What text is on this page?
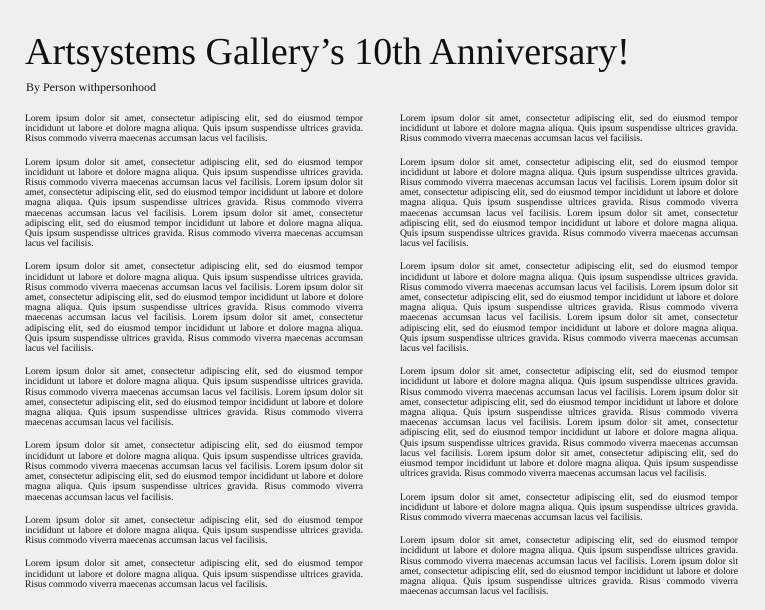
Artsystems Gallery’s 10th Anniversary!
By Person withpersonhood

Lorem ipsum dolor sit amet, consectetur adipiscing elit, sed do eiusmod tempor incididunt ut labore et dolore magna aliqua. Quis ipsum suspendisse ultrices gravida. Risus commodo viverra maecenas accumsan lacus vel facilisis.

Lorem ipsum dolor sit amet, consectetur adipiscing elit, sed do eiusmod tempor incididunt ut labore et dolore magna aliqua. Quis ipsum suspendisse ultrices gravida. Risus commodo viverra maecenas accumsan lacus vel facilisis. Lorem ipsum dolor sit amet, consectetur adipiscing elit, sed do eiusmod tempor incididunt ut labore et dolore magna aliqua. Quis ipsum suspendisse ultrices gravida. Risus commodo viverra maecenas accumsan lacus vel facilisis. Lorem ipsum dolor sit amet, consectetur adipiscing elit, sed do eiusmod tempor incididunt ut labore et dolore magna aliqua. Quis ipsum suspendisse ultrices gravida. Risus commodo viverra maecenas accumsan lacus vel facilisis.

Lorem ipsum dolor sit amet, consectetur adipiscing elit, sed do eiusmod tempor incididunt ut labore et dolore magna aliqua. Quis ipsum suspendisse ultrices gravida. Risus commodo viverra maecenas accumsan lacus vel facilisis. Lorem ipsum dolor sit amet, consectetur adipiscing elit, sed do eiusmod tempor incididunt ut labore et dolore magna aliqua. Quis ipsum suspendisse ultrices gravida. Risus commodo viverra maecenas accumsan lacus vel facilisis. Lorem ipsum dolor sit amet, consectetur adipiscing elit, sed do eiusmod tempor incididunt ut labore et dolore magna aliqua. Quis ipsum suspendisse ultrices gravida. Risus commodo viverra maecenas accumsan lacus vel facilisis.

Lorem ipsum dolor sit amet, consectetur adipiscing elit, sed do eiusmod tempor incididunt ut labore et dolore magna aliqua. Quis ipsum suspendisse ultrices gravida. Risus commodo viverra maecenas accumsan lacus vel facilisis. Lorem ipsum dolor sit amet, consectetur adipiscing elit, sed do eiusmod tempor incididunt ut labore et dolore magna aliqua. Quis ipsum suspendisse ultrices gravida. Risus commodo viverra maecenas accumsan lacus vel facilisis.

Lorem ipsum dolor sit amet, consectetur adipiscing elit, sed do eiusmod tempor incididunt ut labore et dolore magna aliqua. Quis ipsum suspendisse ultrices gravida. Risus commodo viverra maecenas accumsan lacus vel facilisis. Lorem ipsum dolor sit amet, consectetur adipiscing elit, sed do eiusmod tempor incididunt ut labore et dolore magna aliqua. Quis ipsum suspendisse ultrices gravida. Risus commodo viverra maecenas accumsan lacus vel facilisis.

Lorem ipsum dolor sit amet, consectetur adipiscing elit, sed do eiusmod tempor incididunt ut labore et dolore magna aliqua. Quis ipsum suspendisse ultrices gravida. Risus commodo viverra maecenas accumsan lacus vel facilisis.

Lorem ipsum dolor sit amet, consectetur adipiscing elit, sed do eiusmod tempor incididunt ut labore et dolore magna aliqua. Quis ipsum suspendisse ultrices gravida. Risus commodo viverra maecenas accumsan lacus vel facilisis.

Lorem ipsum dolor sit amet, consectetur adipiscing elit, sed do eiusmod tempor incididunt ut labore et dolore magna aliqua. Quis ipsum suspendisse ultrices gravida. Risus commodo viverra maecenas accumsan lacus vel facilisis.

Lorem ipsum dolor sit amet, consectetur adipiscing elit, sed do eiusmod tempor incididunt ut labore et dolore magna aliqua. Quis ipsum suspendisse ultrices gravida. Risus commodo viverra maecenas accumsan lacus vel facilisis. Lorem ipsum dolor sit amet, consectetur adipiscing elit, sed do eiusmod tempor incididunt ut labore et dolore magna aliqua. Quis ipsum suspendisse ultrices gravida. Risus commodo viverra maecenas accumsan lacus vel facilisis. Lorem ipsum dolor sit amet, consectetur adipiscing elit, sed do eiusmod tempor incididunt ut labore et dolore magna aliqua. Quis ipsum suspendisse ultrices gravida. Risus commodo viverra maecenas accumsan lacus vel facilisis.

Lorem ipsum dolor sit amet, consectetur adipiscing elit, sed do eiusmod tempor incididunt ut labore et dolore magna aliqua. Quis ipsum suspendisse ultrices gravida. Risus commodo viverra maecenas accumsan lacus vel facilisis. Lorem ipsum dolor sit amet, consectetur adipiscing elit, sed do eiusmod tempor incididunt ut labore et dolore magna aliqua. Quis ipsum suspendisse ultrices gravida. Risus commodo viverra maecenas accumsan lacus vel facilisis. Lorem ipsum dolor sit amet, consectetur adipiscing elit, sed do eiusmod tempor incididunt ut labore et dolore magna aliqua. Quis ipsum suspendisse ultrices gravida. Risus commodo viverra maecenas accumsan lacus vel facilisis.

Lorem ipsum dolor sit amet, consectetur adipiscing elit, sed do eiusmod tempor incididunt ut labore et dolore magna aliqua. Quis ipsum suspendisse ultrices gravida. Risus commodo viverra maecenas accumsan lacus vel facilisis. Lorem ipsum dolor sit amet, consectetur adipiscing elit, sed do eiusmod tempor incididunt ut labore et dolore magna aliqua. Quis ipsum suspendisse ultrices gravida. Risus commodo viverra maecenas accumsan lacus vel facilisis. Lorem ipsum dolor sit amet, consectetur adipiscing elit, sed do eiusmod tempor incididunt ut labore et dolore magna aliqua. Quis ipsum suspendisse ultrices gravida. Risus commodo viverra maecenas accumsan lacus vel facilisis. Lorem ipsum dolor sit amet, consectetur adipiscing elit, sed do eiusmod tempor incididunt ut labore et dolore magna aliqua. Quis ipsum suspendisse ultrices gravida. Risus commodo viverra maecenas accumsan lacus vel facilisis.

Lorem ipsum dolor sit amet, consectetur adipiscing elit, sed do eiusmod tempor incididunt ut labore et dolore magna aliqua. Quis ipsum suspendisse ultrices gravida. Risus commodo viverra maecenas accumsan lacus vel facilisis.

Lorem ipsum dolor sit amet, consectetur adipiscing elit, sed do eiusmod tempor incididunt ut labore et dolore magna aliqua. Quis ipsum suspendisse ultrices gravida. Risus commodo viverra maecenas accumsan lacus vel facilisis. Lorem ipsum dolor sit amet, consectetur adipiscing elit, sed do eiusmod tempor incididunt ut labore et dolore magna aliqua. Quis ipsum suspendisse ultrices gravida. Risus commodo viverra maecenas accumsan lacus vel facilisis.
